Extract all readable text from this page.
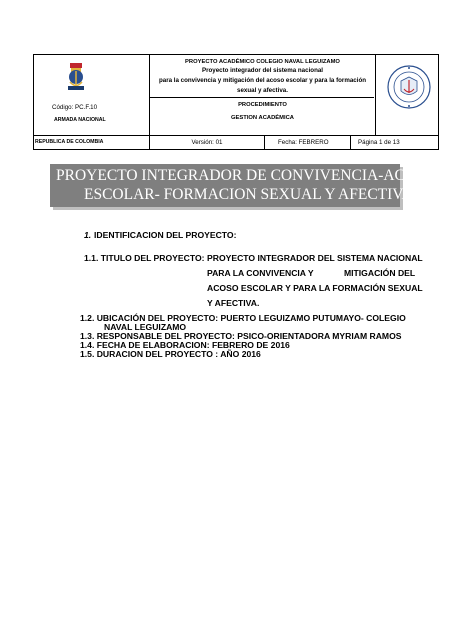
Código: PC.F.10
ARMADA NACIONAL
REPUBLICA DE COLOMBIA
PROYECTO ACADÉMICO COLEGIO NAVAL LEGUIZAMO
Proyecto integrador del sistema nacional
para la convivencia y mitigación del acoso escolar y para la formación
sexual y afectiva.
PROCEDIMIENTO
GESTION ACADÉMICA
Versión: 01	Fecha: FEBRERO	Página 1 de 13
PROYECTO INTEGRADOR DE CONVIVENCIA-ACOSO
ESCOLAR- FORMACION SEXUAL Y AFECTIVA
1. IDENTIFICACION DEL PROYECTO:
1.1. TITULO DEL PROYECTO: PROYECTO INTEGRADOR DEL SISTEMA NACIONAL
PARA LA CONVIVENCIA Y	MITIGACIÓN DEL
ACOSO ESCOLAR Y PARA LA FORMACIÓN SEXUAL
Y AFECTIVA.
1.2. UBICACIÓN DEL PROYECTO: PUERTO LEGUIZAMO PUTUMAYO- COLEGIO
NAVAL LEGUIZAMO
1.3. RESPONSABLE DEL PROYECTO: PSICO-ORIENTADORA MYRIAM RAMOS
1.4. FECHA DE ELABORACION: FEBRERO DE 2016
1.5. DURACION DEL PROYECTO : AÑO 2016
